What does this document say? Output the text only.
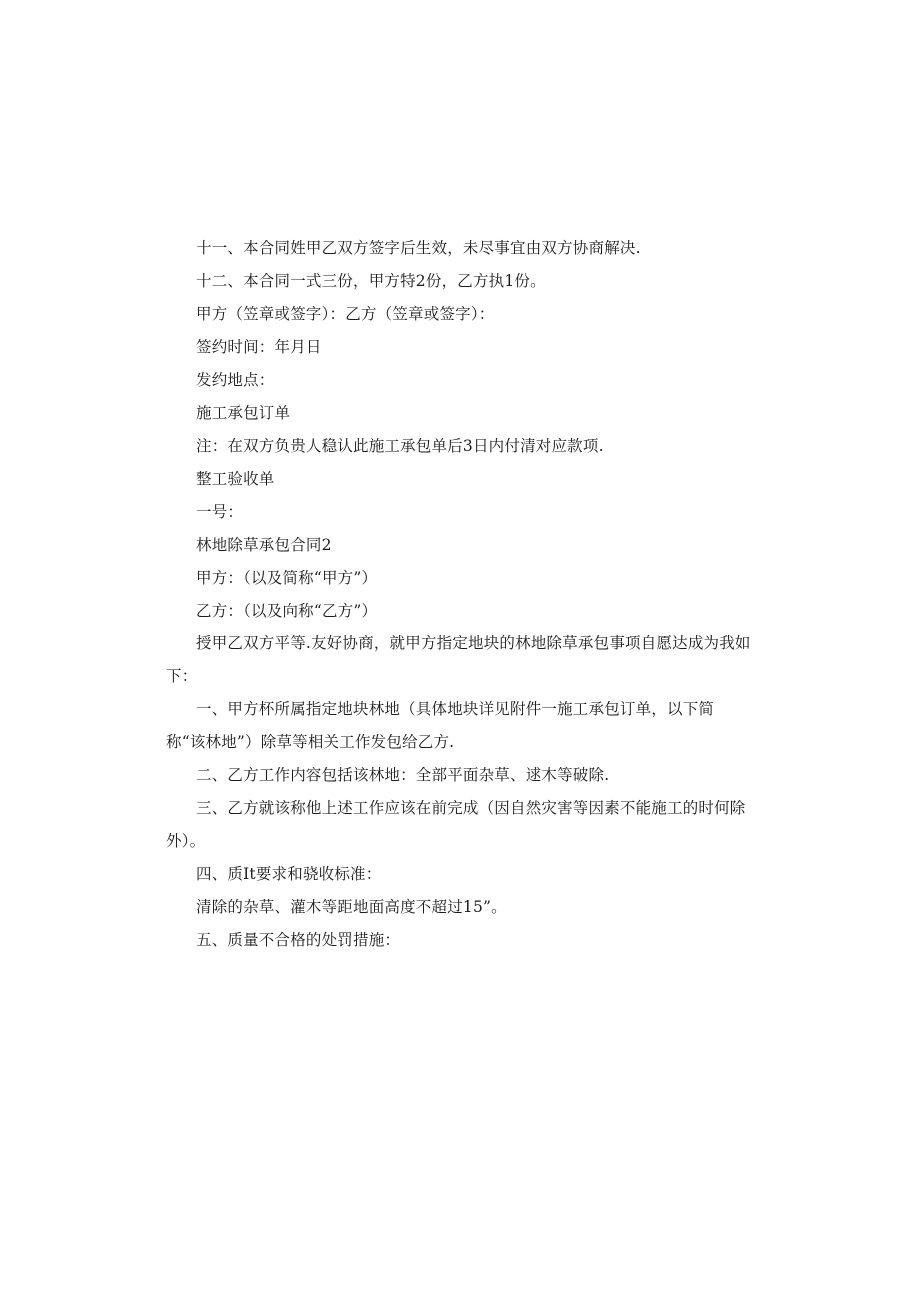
十一、本合同姓甲乙双方签字后生效，未尽事宜由双方协商解决.

十二、本合同一式三份，甲方特2份，乙方执1份。

甲方（笠章或签字）：乙方（笠章或签字）：

签约时间：年月日

发约地点：

施工承包订单

注：在双方负贵人稳认此施工承包单后3日内付清对应款项.

整工验收单

一号：

林地除草承包合同2

甲方：（以及简称“甲方”）

乙方：（以及向称“乙方”）

授甲乙双方平等.友好协商，就甲方指定地块的林地除草承包事项自愿达成为我如下：

一、甲方杯所属指定地块林地（具体地块详见附件一施工承包订单，以下简称“该林地”）除草等相关工作发包给乙方.

二、乙方工作内容包括该林地：全部平面杂草、逑木等破除.

三、乙方就该称他上述工作应该在前完成（因自然灾害等因素不能施工的时何除外）。

四、质It要求和骁收标准：

清除的杂草、灌木等距地面高度不超过15”。

五、质量不合格的处罚措施：
